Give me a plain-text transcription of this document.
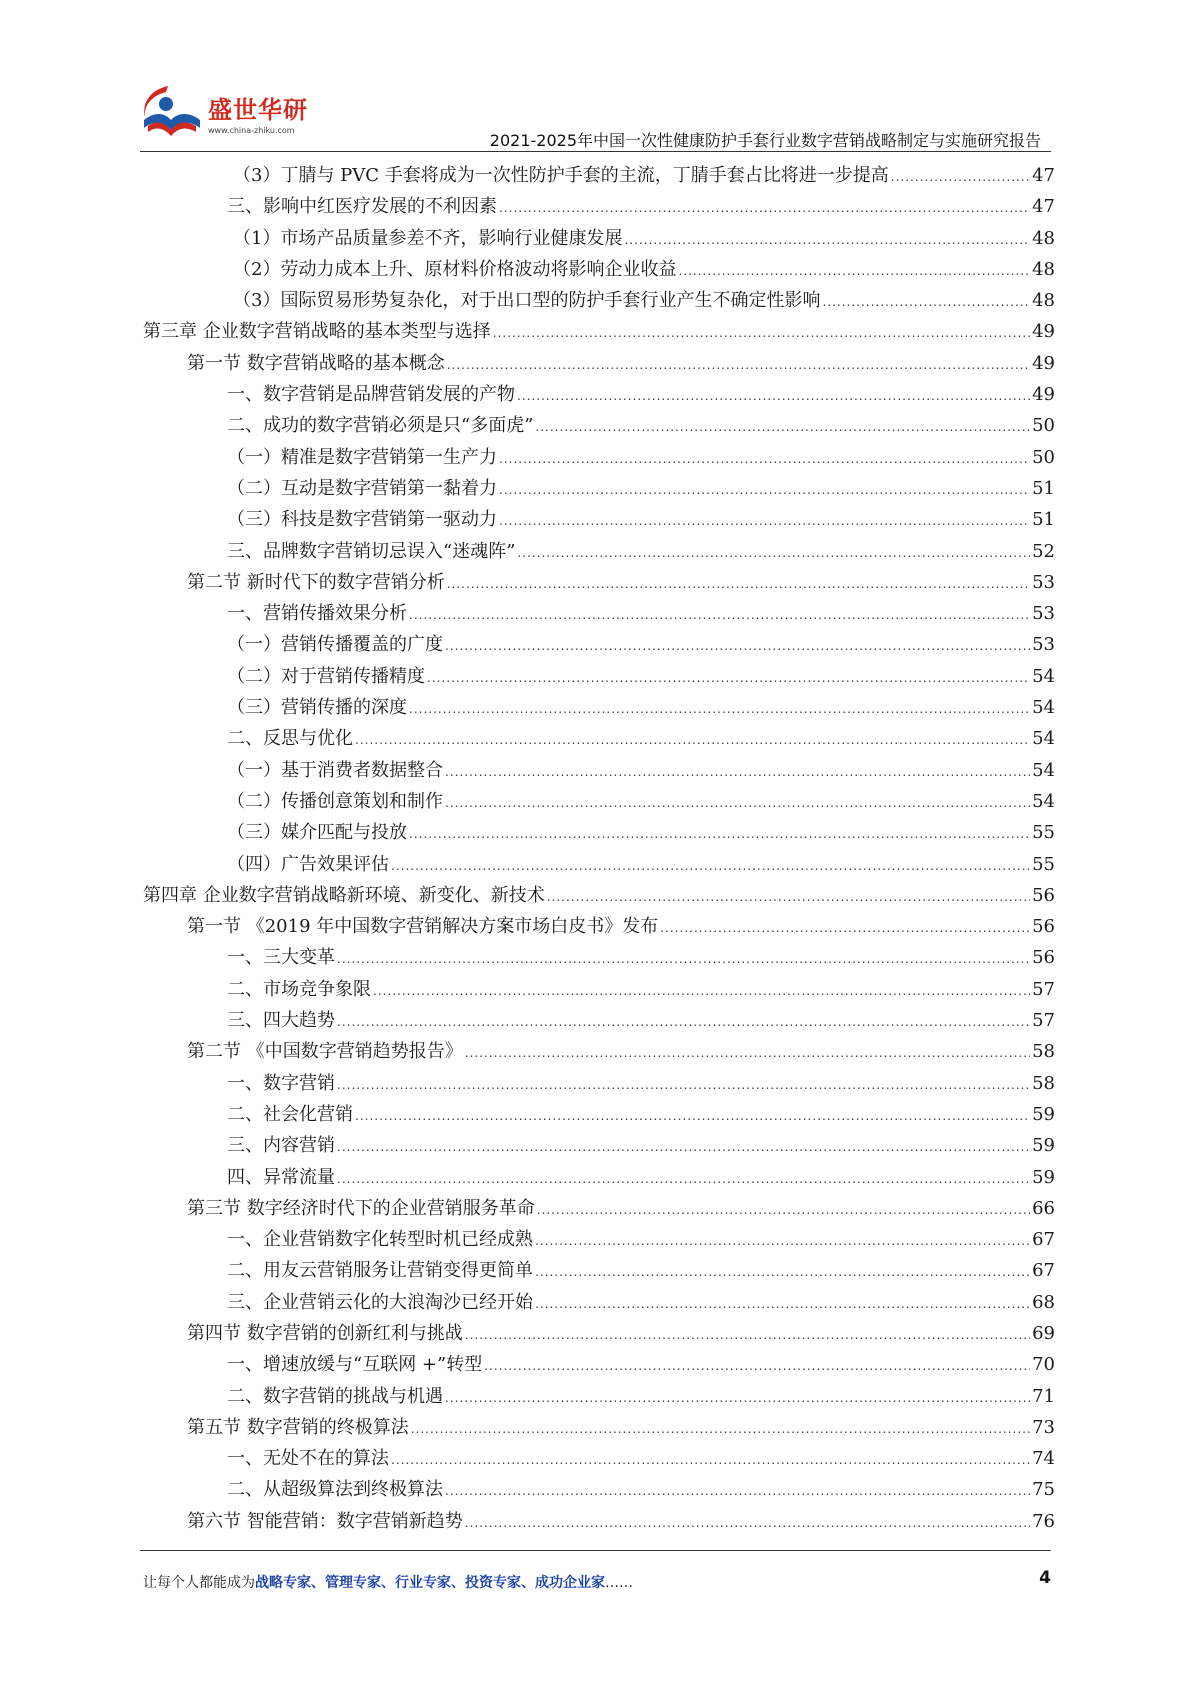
盛世华研
www.china-zhiku.com
2021-2025年中国一次性健康防护手套行业数字营销战略制定与实施研究报告
（3）丁腈与 PVC 手套将成为一次性防护手套的主流，丁腈手套占比将进一步提高 .....	47
三、影响中红医疗发展的不利因素 .....	47
（1）市场产品质量参差不齐，影响行业健康发展 .....	48
（2）劳动力成本上升、原材料价格波动将影响企业收益 .....	48
（3）国际贸易形势复杂化，对于出口型的防护手套行业产生不确定性影响 .....	48
第三章 企业数字营销战略的基本类型与选择 .....	49
第一节 数字营销战略的基本概念 .....	49
一、数字营销是品牌营销发展的产物 .....	49
二、成功的数字营销必须是只“多面虎” .....	50
（一）精准是数字营销第一生产力 .....	50
（二）互动是数字营销第一黏着力 .....	51
（三）科技是数字营销第一驱动力 .....	51
三、品牌数字营销切忌误入“迷魂阵” .....	52
第二节 新时代下的数字营销分析 .....	53
一、营销传播效果分析 .....	53
（一）营销传播覆盖的广度 .....	53
（二）对于营销传播精度 .....	54
（三）营销传播的深度 .....	54
二、反思与优化 .....	54
（一）基于消费者数据整合 .....	54
（二）传播创意策划和制作 .....	54
（三）媒介匹配与投放 .....	55
（四）广告效果评估 .....	55
第四章 企业数字营销战略新环境、新变化、新技术 .....	56
第一节 《2019 年中国数字营销解决方案市场白皮书》发布 .....	56
一、三大变革 .....	56
二、市场竞争象限 .....	57
三、四大趋势 .....	57
第二节 《中国数字营销趋势报告》 .....	58
一、数字营销 .....	58
二、社会化营销 .....	59
三、内容营销 .....	59
四、异常流量 .....	59
第三节 数字经济时代下的企业营销服务革命 .....	66
一、企业营销数字化转型时机已经成熟 .....	67
二、用友云营销服务让营销变得更简单 .....	67
三、企业营销云化的大浪淘沙已经开始 .....	68
第四节 数字营销的创新红利与挑战 .....	69
一、增速放缓与“互联网 +”转型 .....	70
二、数字营销的挑战与机遇 .....	71
第五节 数字营销的终极算法 .....	73
一、无处不在的算法 .....	74
二、从超级算法到终极算法 .....	75
第六节 智能营销：数字营销新趋势 .....	76
让每个人都能成为战略专家、管理专家、行业专家、投资专家、成功企业家……	4
